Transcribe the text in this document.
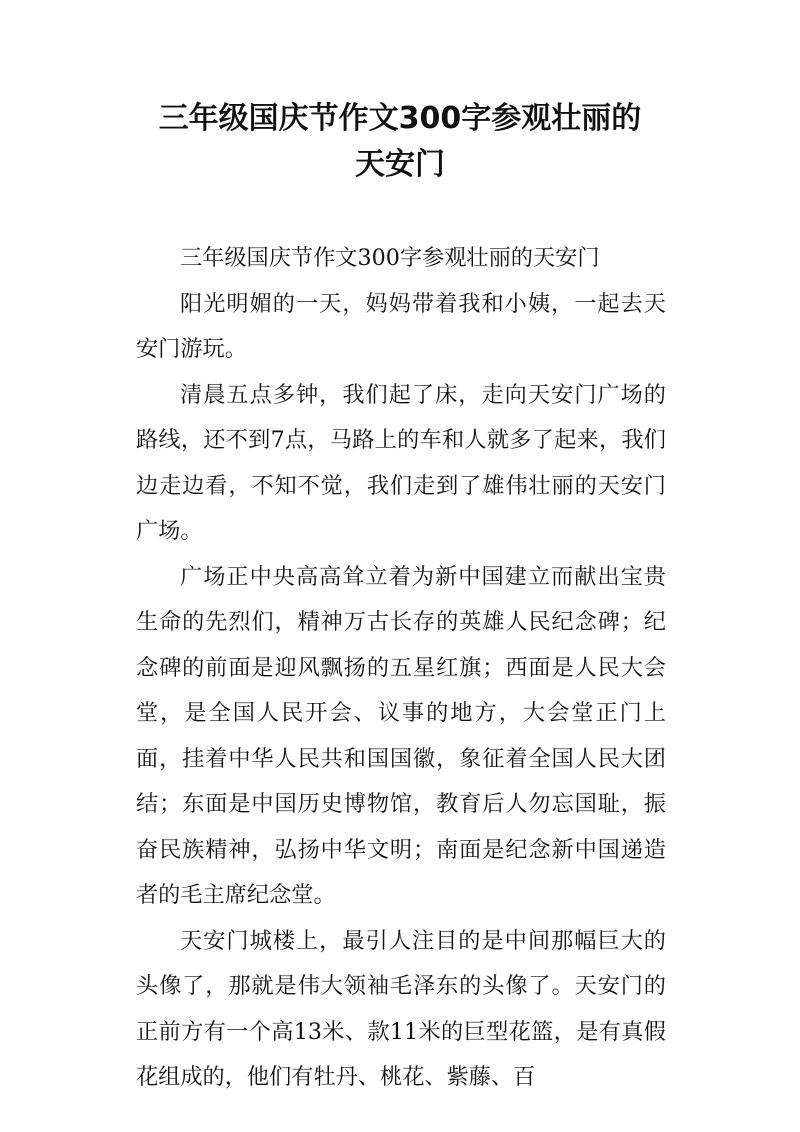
三年级国庆节作文300字参观壮丽的
天安门

三年级国庆节作文300字参观壮丽的天安门

阳光明媚的一天，妈妈带着我和小姨，一起去天安门游玩。

清晨五点多钟，我们起了床，走向天安门广场的路线，还不到7点，马路上的车和人就多了起来，我们边走边看，不知不觉，我们走到了雄伟壮丽的天安门广场。

广场正中央高高耸立着为新中国建立而献出宝贵生命的先烈们，精神万古长存的英雄人民纪念碑；纪念碑的前面是迎风飘扬的五星红旗；西面是人民大会堂，是全国人民开会、议事的地方，大会堂正门上面，挂着中华人民共和国国徽，象征着全国人民大团结；东面是中国历史博物馆，教育后人勿忘国耻，振奋民族精神，弘扬中华文明；南面是纪念新中国递造者的毛主席纪念堂。

天安门城楼上，最引人注目的是中间那幅巨大的头像了，那就是伟大领袖毛泽东的头像了。天安门的正前方有一个高13米、款11米的巨型花篮，是有真假花组成的，他们有牡丹、桃花、紫藤、百
